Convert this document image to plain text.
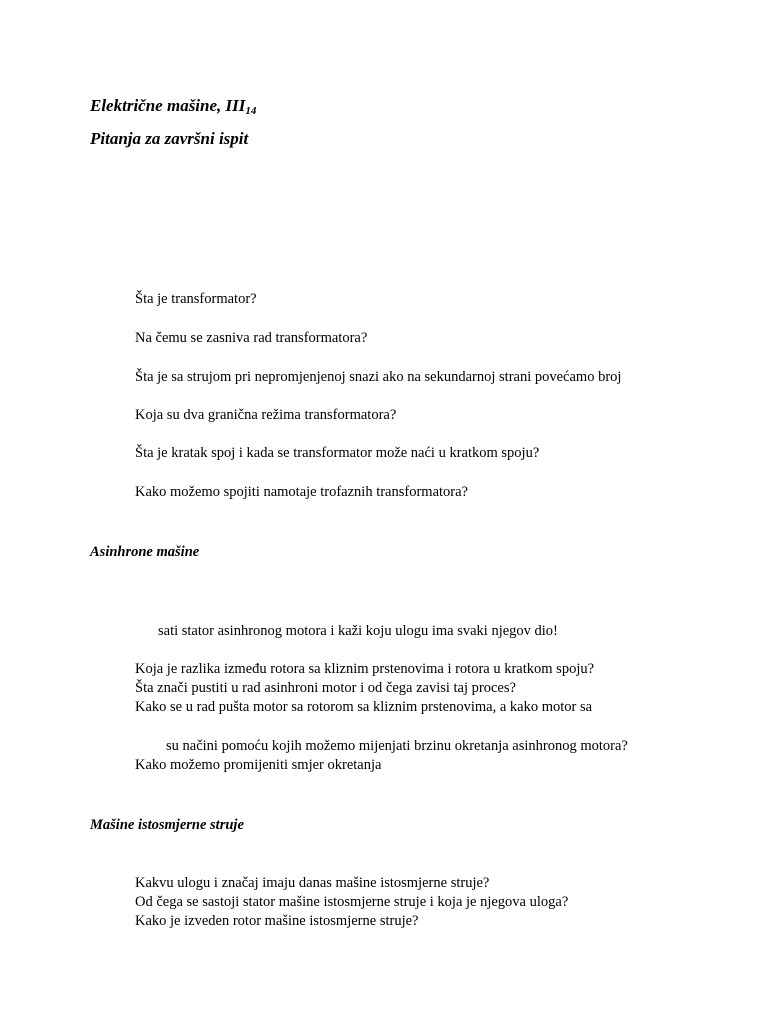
Električne mašine, $III_{14}$
Pitanja za završni ispit
Šta je transformator?
Na čemu se zasniva rad transformatora?
Šta je sa strujom pri nepromjenjenoj snazi ako na sekundarnoj strani povećamo broj
Koja su dva granična režima transformatora?
Šta je kratak spoj i kada se transformator može naći u kratkom spoju?
Kako možemo spojiti namotaje trofaznih transformatora?
Asinhrone mašine
sati stator asinhronog motora i kaži koju ulogu ima svaki njegov dio!
Koja je razlika između rotora sa kliznim prstenovima i rotora u kratkom spoju?
Šta znači pustiti u rad asinhroni motor i od čega zavisi taj proces?
Kako se u rad pušta motor sa rotorom sa kliznim prstenovima, a kako motor sa
su načini pomoću kojih možemo mijenjati brzinu okretanja asinhronog motora?
Kako možemo promijeniti smjer okretanja
Mašine istosmjerne struje
Kakvu ulogu i značaj imaju danas mašine istosmjerne struje?
Od čega se sastoji stator mašine istosmjerne struje i koja je njegova uloga?
Kako je izveden rotor mašine istosmjerne struje?
